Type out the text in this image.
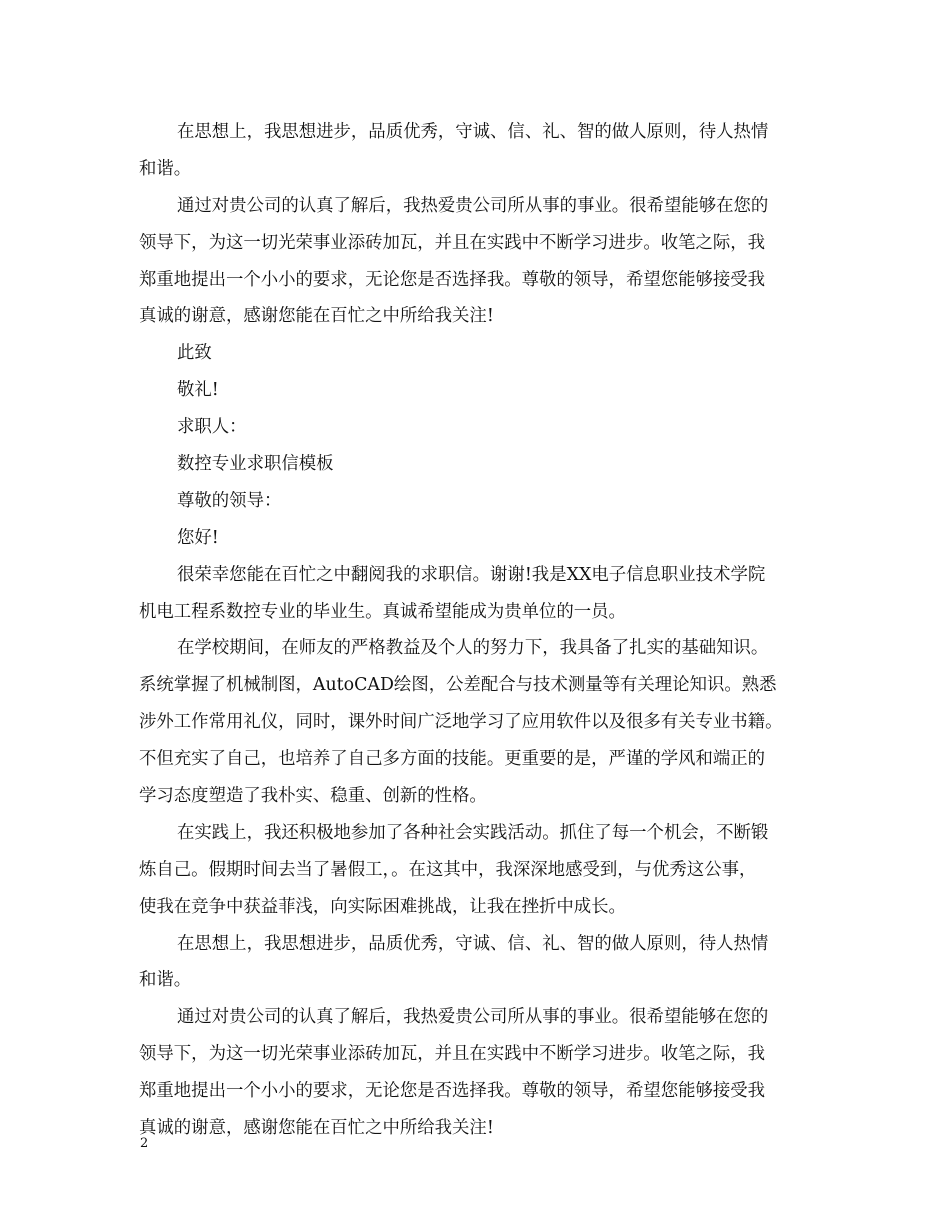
在思想上，我思想进步，品质优秀，守诚、信、礼、智的做人原则，待人热情
和谐。
通过对贵公司的认真了解后，我热爱贵公司所从事的事业。很希望能够在您的
领导下，为这一切光荣事业添砖加瓦，并且在实践中不断学习进步。收笔之际，我
郑重地提出一个小小的要求，无论您是否选择我。尊敬的领导，希望您能够接受我
真诚的谢意，感谢您能在百忙之中所给我关注!
此致
敬礼!
求职人：
数控专业求职信模板
尊敬的领导：
您好!
很荣幸您能在百忙之中翻阅我的求职信。谢谢!我是XX电子信息职业技术学院
机电工程系数控专业的毕业生。真诚希望能成为贵单位的一员。
在学校期间，在师友的严格教益及个人的努力下，我具备了扎实的基础知识。
系统掌握了机械制图，AutoCAD绘图，公差配合与技术测量等有关理论知识。熟悉
涉外工作常用礼仪，同时，课外时间广泛地学习了应用软件以及很多有关专业书籍。
不但充实了自己，也培养了自己多方面的技能。更重要的是，严谨的学风和端正的
学习态度塑造了我朴实、稳重、创新的性格。
在实践上，我还积极地参加了各种社会实践活动。抓住了每一个机会，不断锻
炼自己。假期时间去当了暑假工，。在这其中，我深深地感受到，与优秀这公事，
使我在竞争中获益菲浅，向实际困难挑战，让我在挫折中成长。
在思想上，我思想进步，品质优秀，守诚、信、礼、智的做人原则，待人热情
和谐。
通过对贵公司的认真了解后，我热爱贵公司所从事的事业。很希望能够在您的
领导下，为这一切光荣事业添砖加瓦，并且在实践中不断学习进步。收笔之际，我
郑重地提出一个小小的要求，无论您是否选择我。尊敬的领导，希望您能够接受我
真诚的谢意，感谢您能在百忙之中所给我关注!
2
